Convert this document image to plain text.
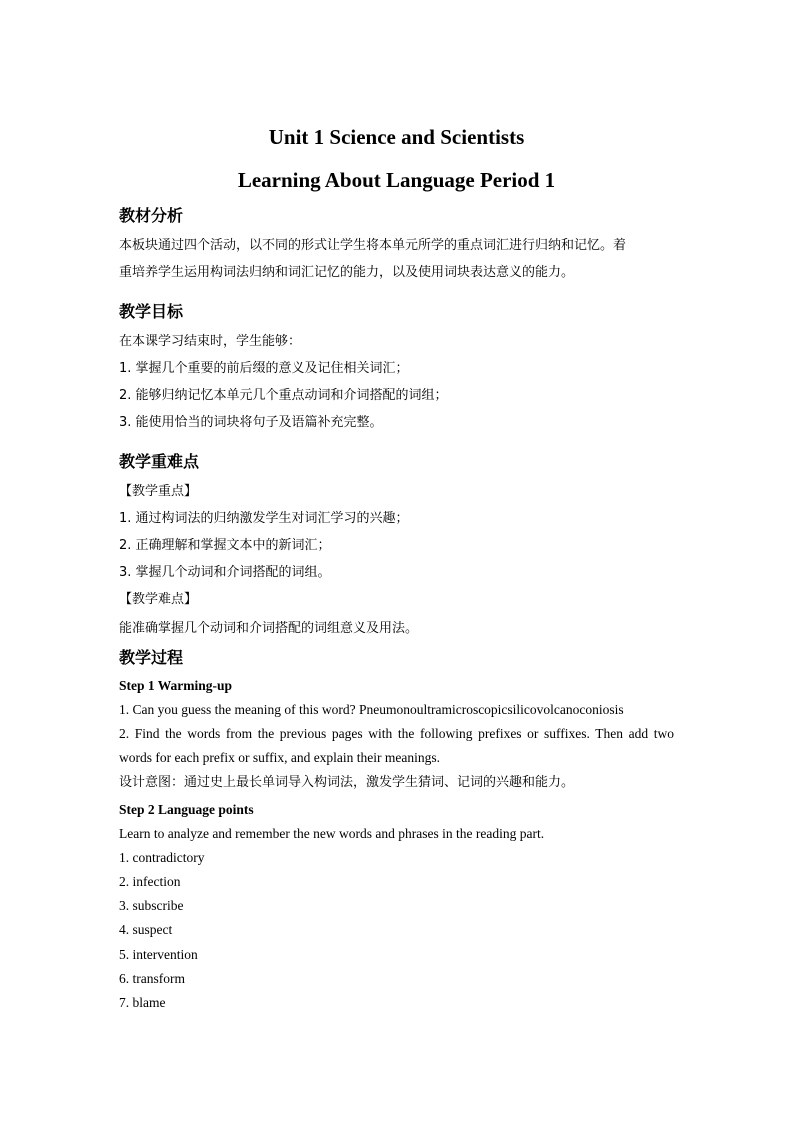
Unit 1 Science and Scientists
Learning About Language Period 1
教材分析
本板块通过四个活动，以不同的形式让学生将本单元所学的重点词汇进行归纳和记忆。着
重培养学生运用构词法归纳和词汇记忆的能力，以及使用词块表达意义的能力。
教学目标
在本课学习结束时，学生能够：
1. 掌握几个重要的前后缀的意义及记住相关词汇；
2. 能够归纳记忆本单元几个重点动词和介词搭配的词组；
3. 能使用恰当的词块将句子及语篇补充完整。
教学重难点
【教学重点】
1. 通过构词法的归纳激发学生对词汇学习的兴趣；
2. 正确理解和掌握文本中的新词汇；
3. 掌握几个动词和介词搭配的词组。
【教学难点】
能准确掌握几个动词和介词搭配的词组意义及用法。
教学过程
Step 1 Warming-up
1. Can you guess the meaning of this word? Pneumonoultramicroscopicsilicovolcanoconiosis
2. Find the words from the previous pages with the following prefixes or suffixes. Then add two
words for each prefix or suffix, and explain their meanings.
设计意图：通过史上最长单词导入构词法，激发学生猜词、记词的兴趣和能力。
Step 2 Language points
Learn to analyze and remember the new words and phrases in the reading part.
1. contradictory
2. infection
3. subscribe
4. suspect
5. intervention
6. transform
7. blame
